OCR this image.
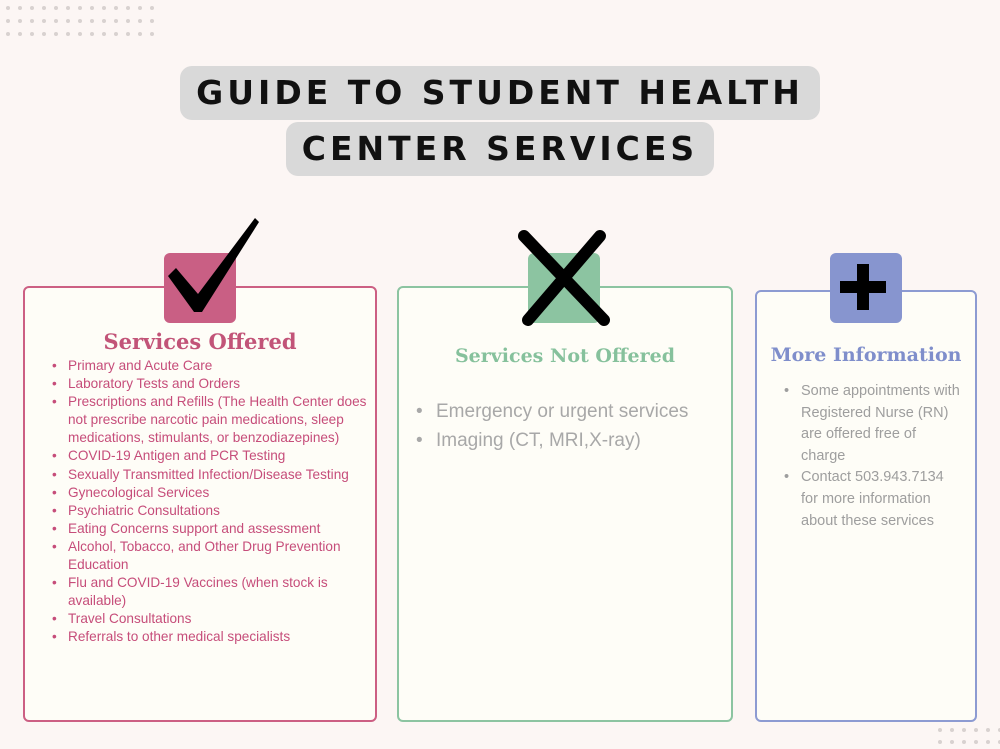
GUIDE TO STUDENT HEALTH
CENTER SERVICES
Services Offered
Services Not Offered	More Information
• Primary and Acute Care
• Laboratory Tests and Orders
• Prescriptions and Refills (The Health Center does not prescribe narcotic pain medications, sleep medications, stimulants, or benzodiazepines)
• COVID-19 Antigen and PCR Testing
• Sexually Transmitted Infection/Disease Testing
• Gynecological Services
• Psychiatric Consultations
• Eating Concerns support and assessment
• Alcohol, Tobacco, and Other Drug Prevention Education
• Flu and COVID-19 Vaccines (when stock is available)
• Travel Consultations
• Referrals to other medical specialists
• Emergency or urgent services
• Imaging (CT, MRI,X-ray)
• Some appointments with Registered Nurse (RN) are offered free of charge
• Contact 503.943.7134 for more information about these services
